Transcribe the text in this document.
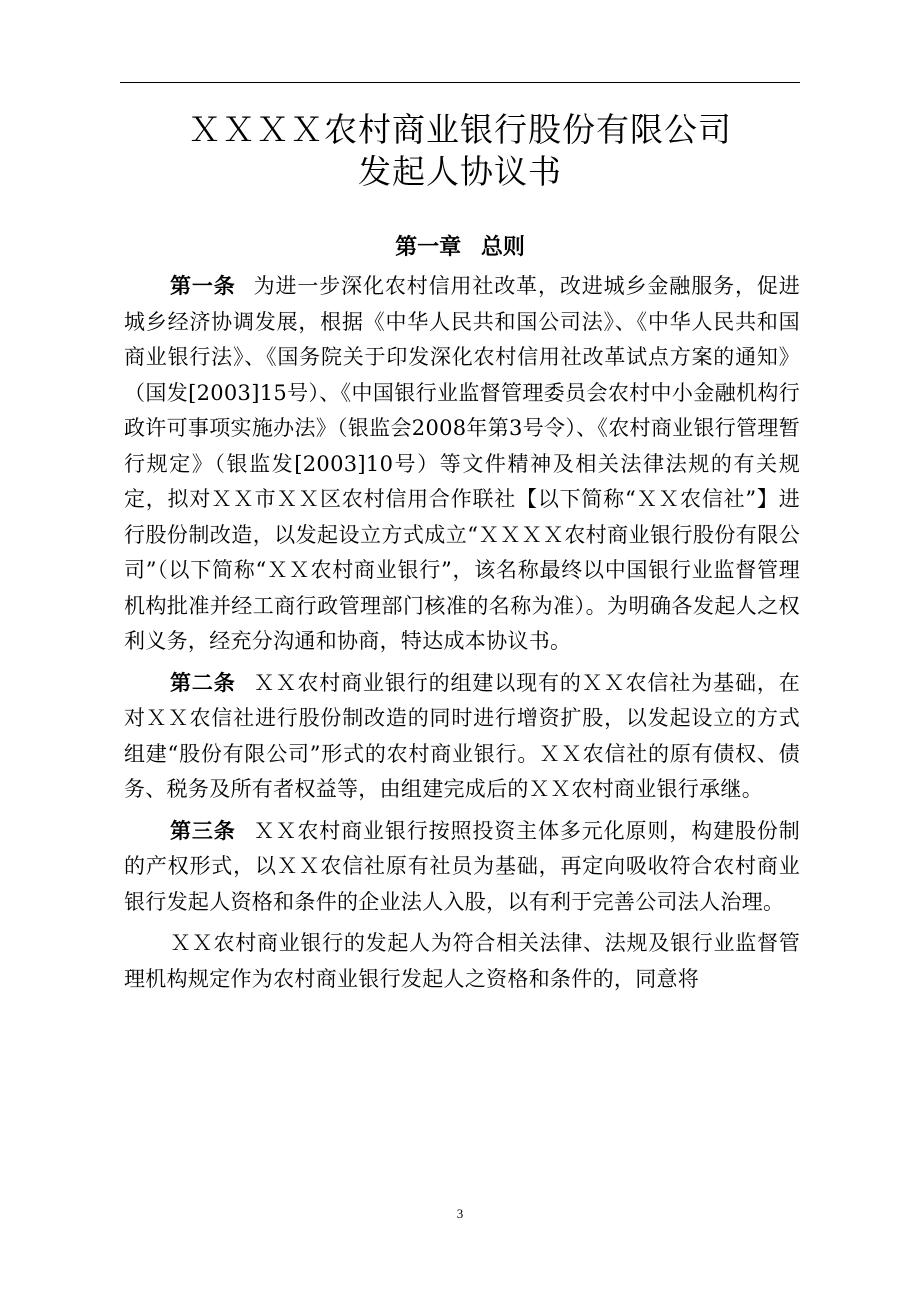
ＸＸＸＸ农村商业银行股份有限公司
发起人协议书
第一章 总则

第一条 为进一步深化农村信用社改革，改进城乡金融服务，促进城乡经济协调发展，根据《中华人民共和国公司法》、《中华人民共和国商业银行法》、《国务院关于印发深化农村信用社改革试点方案的通知》（国发[2003]15号）、《中国银行业监督管理委员会农村中小金融机构行政许可事项实施办法》（银监会2008年第3号令）、《农村商业银行管理暂行规定》（银监发[2003]10号）等文件精神及相关法律法规的有关规定，拟对ＸＸ市ＸＸ区农村信用合作联社【以下简称“ＸＸ农信社”】进行股份制改造，以发起设立方式成立“ＸＸＸＸ农村商业银行股份有限公司”（以下简称“ＸＸ农村商业银行”，该名称最终以中国银行业监督管理机构批准并经工商行政管理部门核准的名称为准）。为明确各发起人之权利义务，经充分沟通和协商，特达成本协议书。

第二条 ＸＸ农村商业银行的组建以现有的ＸＸ农信社为基础，在对ＸＸ农信社进行股份制改造的同时进行增资扩股，以发起设立的方式组建“股份有限公司”形式的农村商业银行。ＸＸ农信社的原有债权、债务、税务及所有者权益等，由组建完成后的ＸＸ农村商业银行承继。

第三条 ＸＸ农村商业银行按照投资主体多元化原则，构建股份制的产权形式，以ＸＸ农信社原有社员为基础，再定向吸收符合农村商业银行发起人资格和条件的企业法人入股，以有利于完善公司法人治理。

ＸＸ农村商业银行的发起人为符合相关法律、法规及银行业监督管理机构规定作为农村商业银行发起人之资格和条件的，同意将

3
